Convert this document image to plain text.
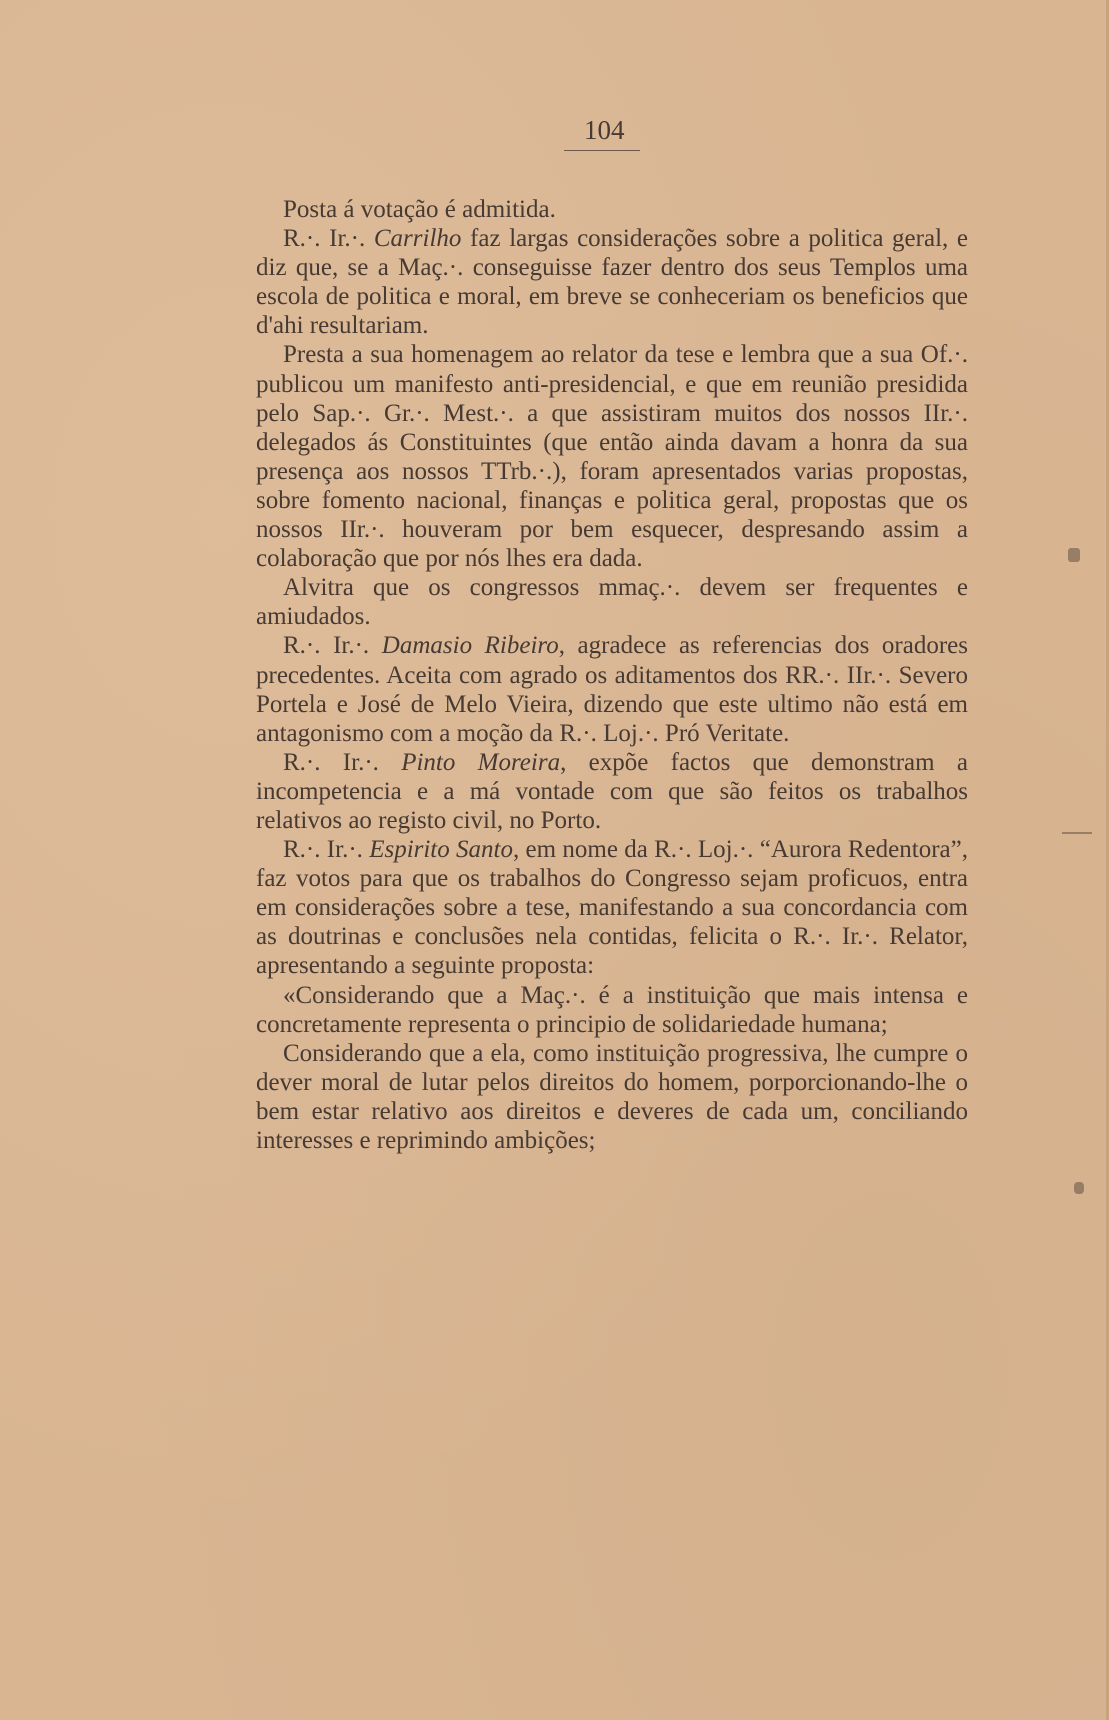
104

Posta á votação é admitida.

R.·. Ir.·. Carrilho faz largas considerações sobre a politica geral, e diz que, se a Maç.·. conseguisse fazer dentro dos seus Templos uma escola de politica e moral, em breve se conheceriam os beneficios que d'ahi resultariam.

Presta a sua homenagem ao relator da tese e lembra que a sua Of.·. publicou um manifesto anti-presidencial, e que em reunião presidida pelo Sap.·. Gr.·. Mest.·. a que assistiram muitos dos nossos IIr.·. delegados ás Constituintes (que então ainda davam a honra da sua presença aos nossos TTrb.·.), foram apresentados varias propostas, sobre fomento nacional, finanças e politica geral, propostas que os nossos IIr.·. houveram por bem esquecer, despresando assim a colaboração que por nós lhes era dada.

Alvitra que os congressos mmaç.·. devem ser frequentes e amiudados.

R.·. Ir.·. Damasio Ribeiro, agradece as referencias dos oradores precedentes. Aceita com agrado os aditamentos dos RR.·. IIr.·. Severo Portela e José de Melo Vieira, dizendo que este ultimo não está em antagonismo com a moção da R.·. Loj.·. Pró Veritate.

R.·. Ir.·. Pinto Moreira, expõe factos que demonstram a incompetencia e a má vontade com que são feitos os trabalhos relativos ao registo civil, no Porto.

R.·. Ir.·. Espirito Santo, em nome da R.·. Loj.·. “Aurora Redentora”, faz votos para que os trabalhos do Congresso sejam proficuos, entra em considerações sobre a tese, manifestando a sua concordancia com as doutrinas e conclusões nela contidas, felicita o R.·. Ir.·. Relator, apresentando a seguinte proposta:

«Considerando que a Maç.·. é a instituição que mais intensa e concretamente representa o principio de solidariedade humana;

Considerando que a ela, como instituição progressiva, lhe cumpre o dever moral de lutar pelos direitos do homem, porporcionando-lhe o bem estar relativo aos direitos e deveres de cada um, conciliando interesses e reprimindo ambições;
